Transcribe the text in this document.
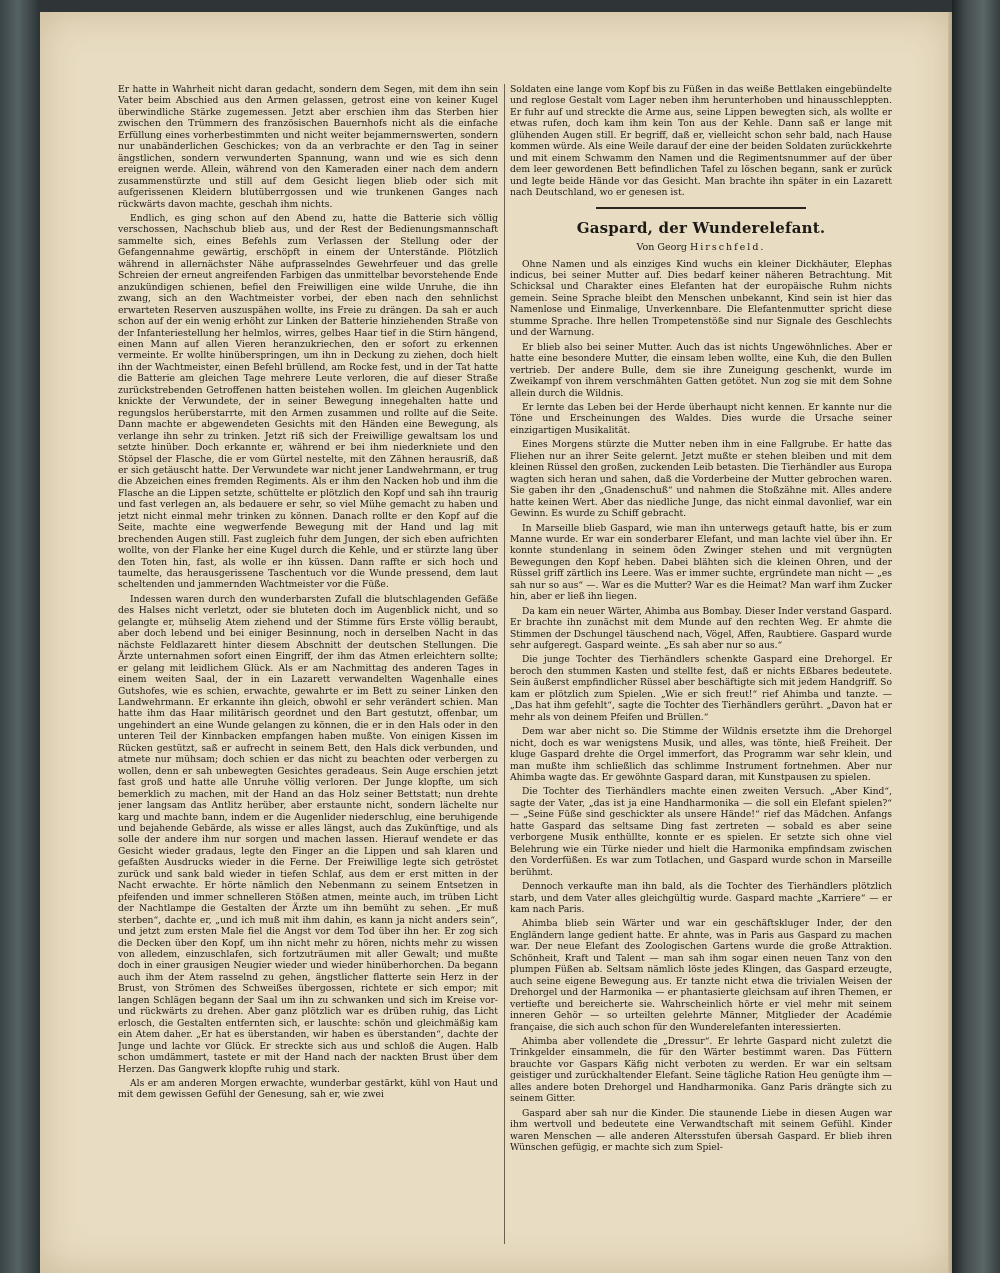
Er hatte in Wahrheit nicht daran gedacht, sondern dem Segen, mit dem ihn sein Vater beim Abschied aus den Armen gelassen, getrost eine von keiner Kugel überwindliche Stärke zugemessen. Jetzt aber erschien ihm das Sterben hier zwischen den Trümmern des französischen Bauernhofs nicht als die einfache Erfüllung eines vorherbestimmten und nicht weiter bejammernswerten, sondern nur unabänderlichen Geschickes; von da an verbrachte er den Tag in seiner ängstlichen, sondern verwunderten Spannung, wann und wie es sich denn ereignen werde. Allein, während von den Kameraden einer nach dem andern zusammenstürzte und still auf dem Gesicht liegen blieb oder sich mit aufgerissenen Kleidern blutüberrgossen und wie trunkenen Ganges nach rückwärts davon machte, geschah ihm nichts.

Endlich, es ging schon auf den Abend zu, hatte die Batterie sich völlig verschossen, Nachschub blieb aus, und der Rest der Bedienungsmannschaft sammelte sich, eines Befehls zum Verlassen der Stellung oder der Gefangennahme gewärtig, erschöpft in einem der Unterstände. Plötzlich während in allernächster Nähe aufprasselndes Gewehrfeuer und das grelle Schreien der erneut angreifenden Farbigen das unmittelbar bevorstehende Ende anzukündigen schienen, befiel den Freiwilligen eine wilde Unruhe, die ihn zwang, sich an den Wachtmeister vorbei, der eben nach den sehnlichst erwarteten Reserven auszuspähen wollte, ins Freie zu drängen. Da sah er auch schon auf der ein wenig erhöht zur Linken der Batterie hinziehenden Straße von der Infanteriestellung her helmlos, wirres, gelbes Haar tief in die Stirn hängend, einen Mann auf allen Vieren heranzukriechen, den er sofort zu erkennen vermeinte. Er wollte hinüberspringen, um ihn in Deckung zu ziehen, doch hielt ihn der Wachtmeister, einen Befehl brüllend, am Rocke fest, und in der Tat hatte die Batterie am gleichen Tage mehrere Leute verloren, die auf dieser Straße zurückstrebenden Getroffenen hatten beistehen wollen. Im gleichen Augenblick knickte der Verwundete, der in seiner Bewegung innegehalten hatte und regungslos herüberstarrte, mit den Armen zusammen und rollte auf die Seite. Dann machte er abgewendeten Gesichts mit den Händen eine Bewegung, als verlange ihn sehr zu trinken. Jetzt riß sich der Freiwillige gewaltsam los und setzte hinüber. Doch erkannte er, während er bei ihm niederkniete und den Stöpsel der Flasche, die er vom Gürtel nestelte, mit den Zähnen herausriß, daß er sich getäuscht hatte. Der Verwundete war nicht jener Landwehrmann, er trug die Abzeichen eines fremden Regiments. Als er ihm den Nacken hob und ihm die Flasche an die Lippen setzte, schüttelte er plötzlich den Kopf und sah ihn traurig und fast verlegen an, als bedauere er sehr, so viel Mühe gemacht zu haben und jetzt nicht einmal mehr trinken zu können. Danach rollte er den Kopf auf die Seite, machte eine wegwerfende Bewegung mit der Hand und lag mit brechenden Augen still. Fast zugleich fuhr dem Jungen, der sich eben aufrichten wollte, von der Flanke her eine Kugel durch die Kehle, und er stürzte lang über den Toten hin, fast, als wolle er ihn küssen. Dann raffte er sich hoch und taumelte, das herausgerissene Taschentuch vor die Wunde pressend, dem laut scheltenden und jammernden Wachtmeister vor die Füße.

Indessen waren durch den wunderbarsten Zufall die blutschlagenden Gefäße des Halses nicht verletzt, oder sie bluteten doch im Augenblick nicht, und so gelangte er, mühselig Atem ziehend und der Stimme fürs Erste völlig beraubt, aber doch lebend und bei einiger Besinnung, noch in derselben Nacht in das nächste Feldlazarett hinter diesem Abschnitt der deutschen Stellungen. Die Ärzte unternahmen sofort einen Eingriff, der ihm das Atmen erleichtern sollte; er gelang mit leidlichem Glück. Als er am Nachmittag des anderen Tages in einem weiten Saal, der in ein Lazarett verwandelten Wagenhalle eines Gutshofes, wie es schien, erwachte, gewahrte er im Bett zu seiner Linken den Landwehrmann. Er erkannte ihn gleich, obwohl er sehr verändert schien. Man hatte ihm das Haar militärisch geordnet und den Bart gestutzt, offenbar, um ungehindert an eine Wunde gelangen zu können, die er in den Hals oder in den unteren Teil der Kinnbacken empfangen haben mußte. Von einigen Kissen im Rücken gestützt, saß er aufrecht in seinem Bett, den Hals dick verbunden, und atmete nur mühsam; doch schien er das nicht zu beachten oder verbergen zu wollen, denn er sah unbewegten Gesichtes geradeaus. Sein Auge erschien jetzt fast groß und hatte alle Unruhe völlig verloren. Der Junge klopfte, um sich bemerklich zu machen, mit der Hand an das Holz seiner Bettstatt; nun drehte jener langsam das Antlitz herüber, aber erstaunte nicht, sondern lächelte nur karg und machte bann, indem er die Augenlider niederschlug, eine beruhigende und bejahende Gebärde, als wisse er alles längst, auch das Zukünftige, und als solle der andere ihm nur sorgen und machen lassen. Hierauf wendete er das Gesicht wieder gradaus, legte den Finger an die Lippen und sah klaren und gefaßten Ausdrucks wieder in die Ferne. Der Freiwillige legte sich getröstet zurück und sank bald wieder in tiefen Schlaf, aus dem er erst mitten in der Nacht erwachte. Er hörte nämlich den Nebenmann zu seinem Entsetzen in pfeifenden und immer schnelleren Stößen atmen, meinte auch, im trüben Licht der Nachtlampe die Gestalten der Ärzte um ihn bemüht zu sehen. „Er muß sterben“, dachte er, „und ich muß mit ihm dahin, es kann ja nicht anders sein“, und jetzt zum ersten Male fiel die Angst vor dem Tod über ihn her. Er zog sich die Decken über den Kopf, um ihn nicht mehr zu hören, nichts mehr zu wissen von alledem, einzuschlafen, sich fortzuträumen mit aller Gewalt; und mußte doch in einer grausigen Neugier wieder und wieder hinüberhorchen. Da begann auch ihm der Atem rasselnd zu gehen, ängstlicher flatterte sein Herz in der Brust, von Strömen des Schweißes übergossen, richtete er sich empor; mit langen Schlägen begann der Saal um ihn zu schwanken und sich im Kreise vor- und rückwärts zu drehen. Aber ganz plötzlich war es drüben ruhig, das Licht erlosch, die Gestalten entfernten sich, er lauschte: schön und gleichmäßig kam ein Atem daher. „Er hat es überstanden, wir haben es überstanden“, dachte der Junge und lachte vor Glück. Er streckte sich aus und schloß die Augen. Halb schon umdämmert, tastete er mit der Hand nach der nackten Brust über dem Herzen. Das Gangwerk klopfte ruhig und stark.

Als er am anderen Morgen erwachte, wunderbar gestärkt, kühl von Haut und mit dem gewissen Gefühl der Genesung, sah er, wie zwei

Soldaten eine lange vom Kopf bis zu Füßen in das weiße Bettlaken eingebündelte und reglose Gestalt vom Lager neben ihm herunterhoben und hinausschleppten. Er fuhr auf und streckte die Arme aus, seine Lippen bewegten sich, als wollte er etwas rufen, doch kam ihm kein Ton aus der Kehle. Dann saß er lange mit glühenden Augen still. Er begriff, daß er, vielleicht schon sehr bald, nach Hause kommen würde. Als eine Weile darauf der eine der beiden Soldaten zurückkehrte und mit einem Schwamm den Namen und die Regimentsnummer auf der über dem leer gewordenen Bett befindlichen Tafel zu löschen begann, sank er zurück und legte beide Hände vor das Gesicht. Man brachte ihn später in ein Lazarett nach Deutschland, wo er genesen ist.

Gaspard, der Wunderelefant.
Von Georg Hirschfeld.

Ohne Namen und als einziges Kind wuchs ein kleiner Dickhäuter, Elephas indicus, bei seiner Mutter auf. Dies bedarf keiner näheren Betrachtung. Mit Schicksal und Charakter eines Elefanten hat der europäische Ruhm nichts gemein. Seine Sprache bleibt den Menschen unbekannt, Kind sein ist hier das Namenlose und Einmalige, Unverkennbare. Die Elefantenmutter spricht diese stumme Sprache. Ihre hellen Trompetenstöße sind nur Signale des Geschlechts und der Warnung.

Er blieb also bei seiner Mutter. Auch das ist nichts Ungewöhnliches. Aber er hatte eine besondere Mutter, die einsam leben wollte, eine Kuh, die den Bullen vertrieb. Der andere Bulle, dem sie ihre Zuneigung geschenkt, wurde im Zweikampf von ihrem verschmähten Gatten getötet. Nun zog sie mit dem Sohne allein durch die Wildnis.

Er lernte das Leben bei der Herde überhaupt nicht kennen. Er kannte nur die Töne und Erscheinungen des Waldes. Dies wurde die Ursache seiner einzigartigen Musikalität.

Eines Morgens stürzte die Mutter neben ihm in eine Fallgrube. Er hatte das Fliehen nur an ihrer Seite gelernt. Jetzt mußte er stehen bleiben und mit dem kleinen Rüssel den großen, zuckenden Leib betasten. Die Tierhändler aus Europa wagten sich heran und sahen, daß die Vorderbeine der Mutter gebrochen waren. Sie gaben ihr den „Gnadenschuß“ und nahmen die Stoßzähne mit. Alles andere hatte keinen Wert. Aber das niedliche Junge, das nicht einmal davonlief, war ein Gewinn. Es wurde zu Schiff gebracht.

In Marseille blieb Gaspard, wie man ihn unterwegs getauft hatte, bis er zum Manne wurde. Er war ein sonderbarer Elefant, und man lachte viel über ihn. Er konnte stundenlang in seinem öden Zwinger stehen und mit vergnügten Bewegungen den Kopf heben. Dabei blähten sich die kleinen Ohren, und der Rüssel griff zärtlich ins Leere. Was er immer suchte, ergründete man nicht — „es sah nur so aus“ —. War es die Mutter? War es die Heimat? Man warf ihm Zucker hin, aber er ließ ihn liegen.

Da kam ein neuer Wärter, Ahimba aus Bombay. Dieser Inder verstand Gaspard. Er brachte ihn zunächst mit dem Munde auf den rechten Weg. Er ahmte die Stimmen der Dschungel täuschend nach, Vögel, Affen, Raubtiere. Gaspard wurde sehr aufgeregt. Gaspard weinte. „Es sah aber nur so aus.“

Die junge Tochter des Tierhändlers schenkte Gaspard eine Drehorgel. Er beroch den stummen Kasten und stellte fest, daß er nichts Eßbares bedeutete. Sein äußerst empfindlicher Rüssel aber beschäftigte sich mit jedem Handgriff. So kam er plötzlich zum Spielen. „Wie er sich freut!“ rief Ahimba und tanzte. — „Das hat ihm gefehlt“, sagte die Tochter des Tierhändlers gerührt. „Davon hat er mehr als von deinem Pfeifen und Brüllen.“

Dem war aber nicht so. Die Stimme der Wildnis ersetzte ihm die Drehorgel nicht, doch es war wenigstens Musik, und alles, was tönte, hieß Freiheit. Der kluge Gaspard drehte die Orgel immerfort, das Programm war sehr klein, und man mußte ihm schließlich das schlimme Instrument fortnehmen. Aber nur Ahimba wagte das. Er gewöhnte Gaspard daran, mit Kunstpausen zu spielen.

Die Tochter des Tierhändlers machte einen zweiten Versuch. „Aber Kind“, sagte der Vater, „das ist ja eine Handharmonika — die soll ein Elefant spielen?“ — „Seine Füße sind geschickter als unsere Hände!“ rief das Mädchen. Anfangs hatte Gaspard das seltsame Ding fast zertreten — sobald es aber seine verborgene Musik enthüllte, konnte er es spielen. Er setzte sich ohne viel Belehrung wie ein Türke nieder und hielt die Harmonika empfindsam zwischen den Vorderfüßen. Es war zum Totlachen, und Gaspard wurde schon in Marseille berühmt.

Dennoch verkaufte man ihn bald, als die Tochter des Tierhändlers plötzlich starb, und dem Vater alles gleichgültig wurde. Gaspard machte „Karriere“ — er kam nach Paris.

Ahimba blieb sein Wärter und war ein geschäftskluger Inder, der den Engländern lange gedient hatte. Er ahnte, was in Paris aus Gaspard zu machen war. Der neue Elefant des Zoologischen Gartens wurde die große Attraktion. Schönheit, Kraft und Talent — man sah ihm sogar einen neuen Tanz von den plumpen Füßen ab. Seltsam nämlich löste jedes Klingen, das Gaspard erzeugte, auch seine eigene Bewegung aus. Er tanzte nicht etwa die trivialen Weisen der Drehorgel und der Harmonika — er phantasierte gleichsam auf ihren Themen, er vertiefte und bereicherte sie. Wahrscheinlich hörte er viel mehr mit seinem inneren Gehör — so urteilten gelehrte Männer, Mitglieder der Académie française, die sich auch schon für den Wunderelefanten interessierten.

Ahimba aber vollendete die „Dressur“. Er lehrte Gaspard nicht zuletzt die Trinkgelder einsammeln, die für den Wärter bestimmt waren. Das Füttern brauchte vor Gaspars Käfig nicht verboten zu werden. Er war ein seltsam geistiger und zurückhaltender Elefant. Seine tägliche Ration Heu genügte ihm — alles andere boten Drehorgel und Handharmonika. Ganz Paris drängte sich zu seinem Gitter.

Gaspard aber sah nur die Kinder. Die staunende Liebe in diesen Augen war ihm wertvoll und bedeutete eine Verwandtschaft mit seinem Gefühl. Kinder waren Menschen — alle anderen Altersstufen übersah Gaspard. Er blieb ihren Wünschen gefügig, er machte sich zum Spiel-
